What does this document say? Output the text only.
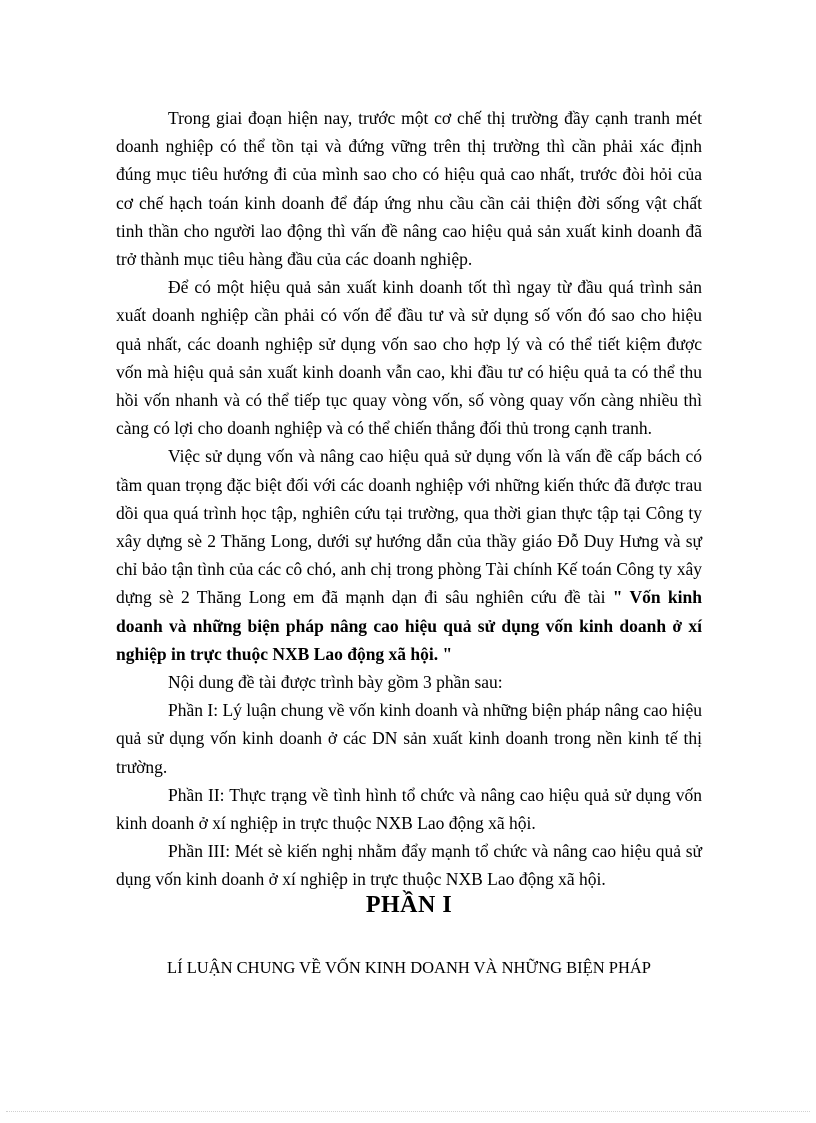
Trong giai đoạn hiện nay, trước một cơ chế thị trường đầy cạnh tranh mét doanh nghiệp có thể tồn tại và đứng vững trên thị trường thì cần phải xác định đúng mục tiêu hướng đi của mình sao cho có hiệu quả cao nhất, trước đòi hỏi của cơ chế hạch toán kinh doanh để đáp ứng nhu cầu cần cải thiện đời sống vật chất tinh thần cho người lao động thì vấn đề nâng cao hiệu quả sản xuất kinh doanh đã trở thành mục tiêu hàng đầu của các doanh nghiệp.

Để có một hiệu quả sản xuất kinh doanh tốt thì ngay từ đầu quá trình sản xuất doanh nghiệp cần phải có vốn để đầu tư và sử dụng số vốn đó sao cho hiệu quả nhất, các doanh nghiệp sử dụng vốn sao cho hợp lý và có thể tiết kiệm được vốn mà hiệu quả sản xuất kinh doanh vẫn cao, khi đầu tư có hiệu quả ta có thể thu hồi vốn nhanh và có thể tiếp tục quay vòng vốn, số vòng quay vốn càng nhiều thì càng có lợi cho doanh nghiệp và có thể chiến thắng đối thủ trong cạnh tranh.

Việc sử dụng vốn và nâng cao hiệu quả sử dụng vốn là vấn đề cấp bách có tầm quan trọng đặc biệt đối với các doanh nghiệp với những kiến thức đã được trau dồi qua quá trình học tập, nghiên cứu tại trường, qua thời gian thực tập tại Công ty xây dựng sè 2 Thăng Long, dưới sự hướng dẫn của thầy giáo Đỗ Duy Hưng và sự chỉ bảo tận tình của các cô chó, anh chị trong phòng Tài chính Kế toán Công ty xây dựng sè 2 Thăng Long em đã mạnh dạn đi sâu nghiên cứu đề tài " Vốn kinh doanh và những biện pháp nâng cao hiệu quả sử dụng vốn kinh doanh ở xí nghiệp in trực thuộc NXB Lao động xã hội. "

Nội dung đề tài được trình bày gồm 3 phần sau:

Phần I: Lý luận chung về vốn kinh doanh và những biện pháp nâng cao hiệu quả sử dụng vốn kinh doanh ở các DN sản xuất kinh doanh trong nền kinh tế thị trường.

Phần II: Thực trạng về tình hình tổ chức và nâng cao hiệu quả sử dụng vốn kinh doanh ở xí nghiệp in trực thuộc NXB Lao động xã hội.

Phần III: Mét sè kiến nghị nhằm đẩy mạnh tổ chức và nâng cao hiệu quả sử dụng vốn kinh doanh ở xí nghiệp in trực thuộc NXB Lao động xã hội.

PHẦN I
LÍ LUẬN CHUNG VỀ VỐN KINH DOANH VÀ NHỮNG BIỆN PHÁP
